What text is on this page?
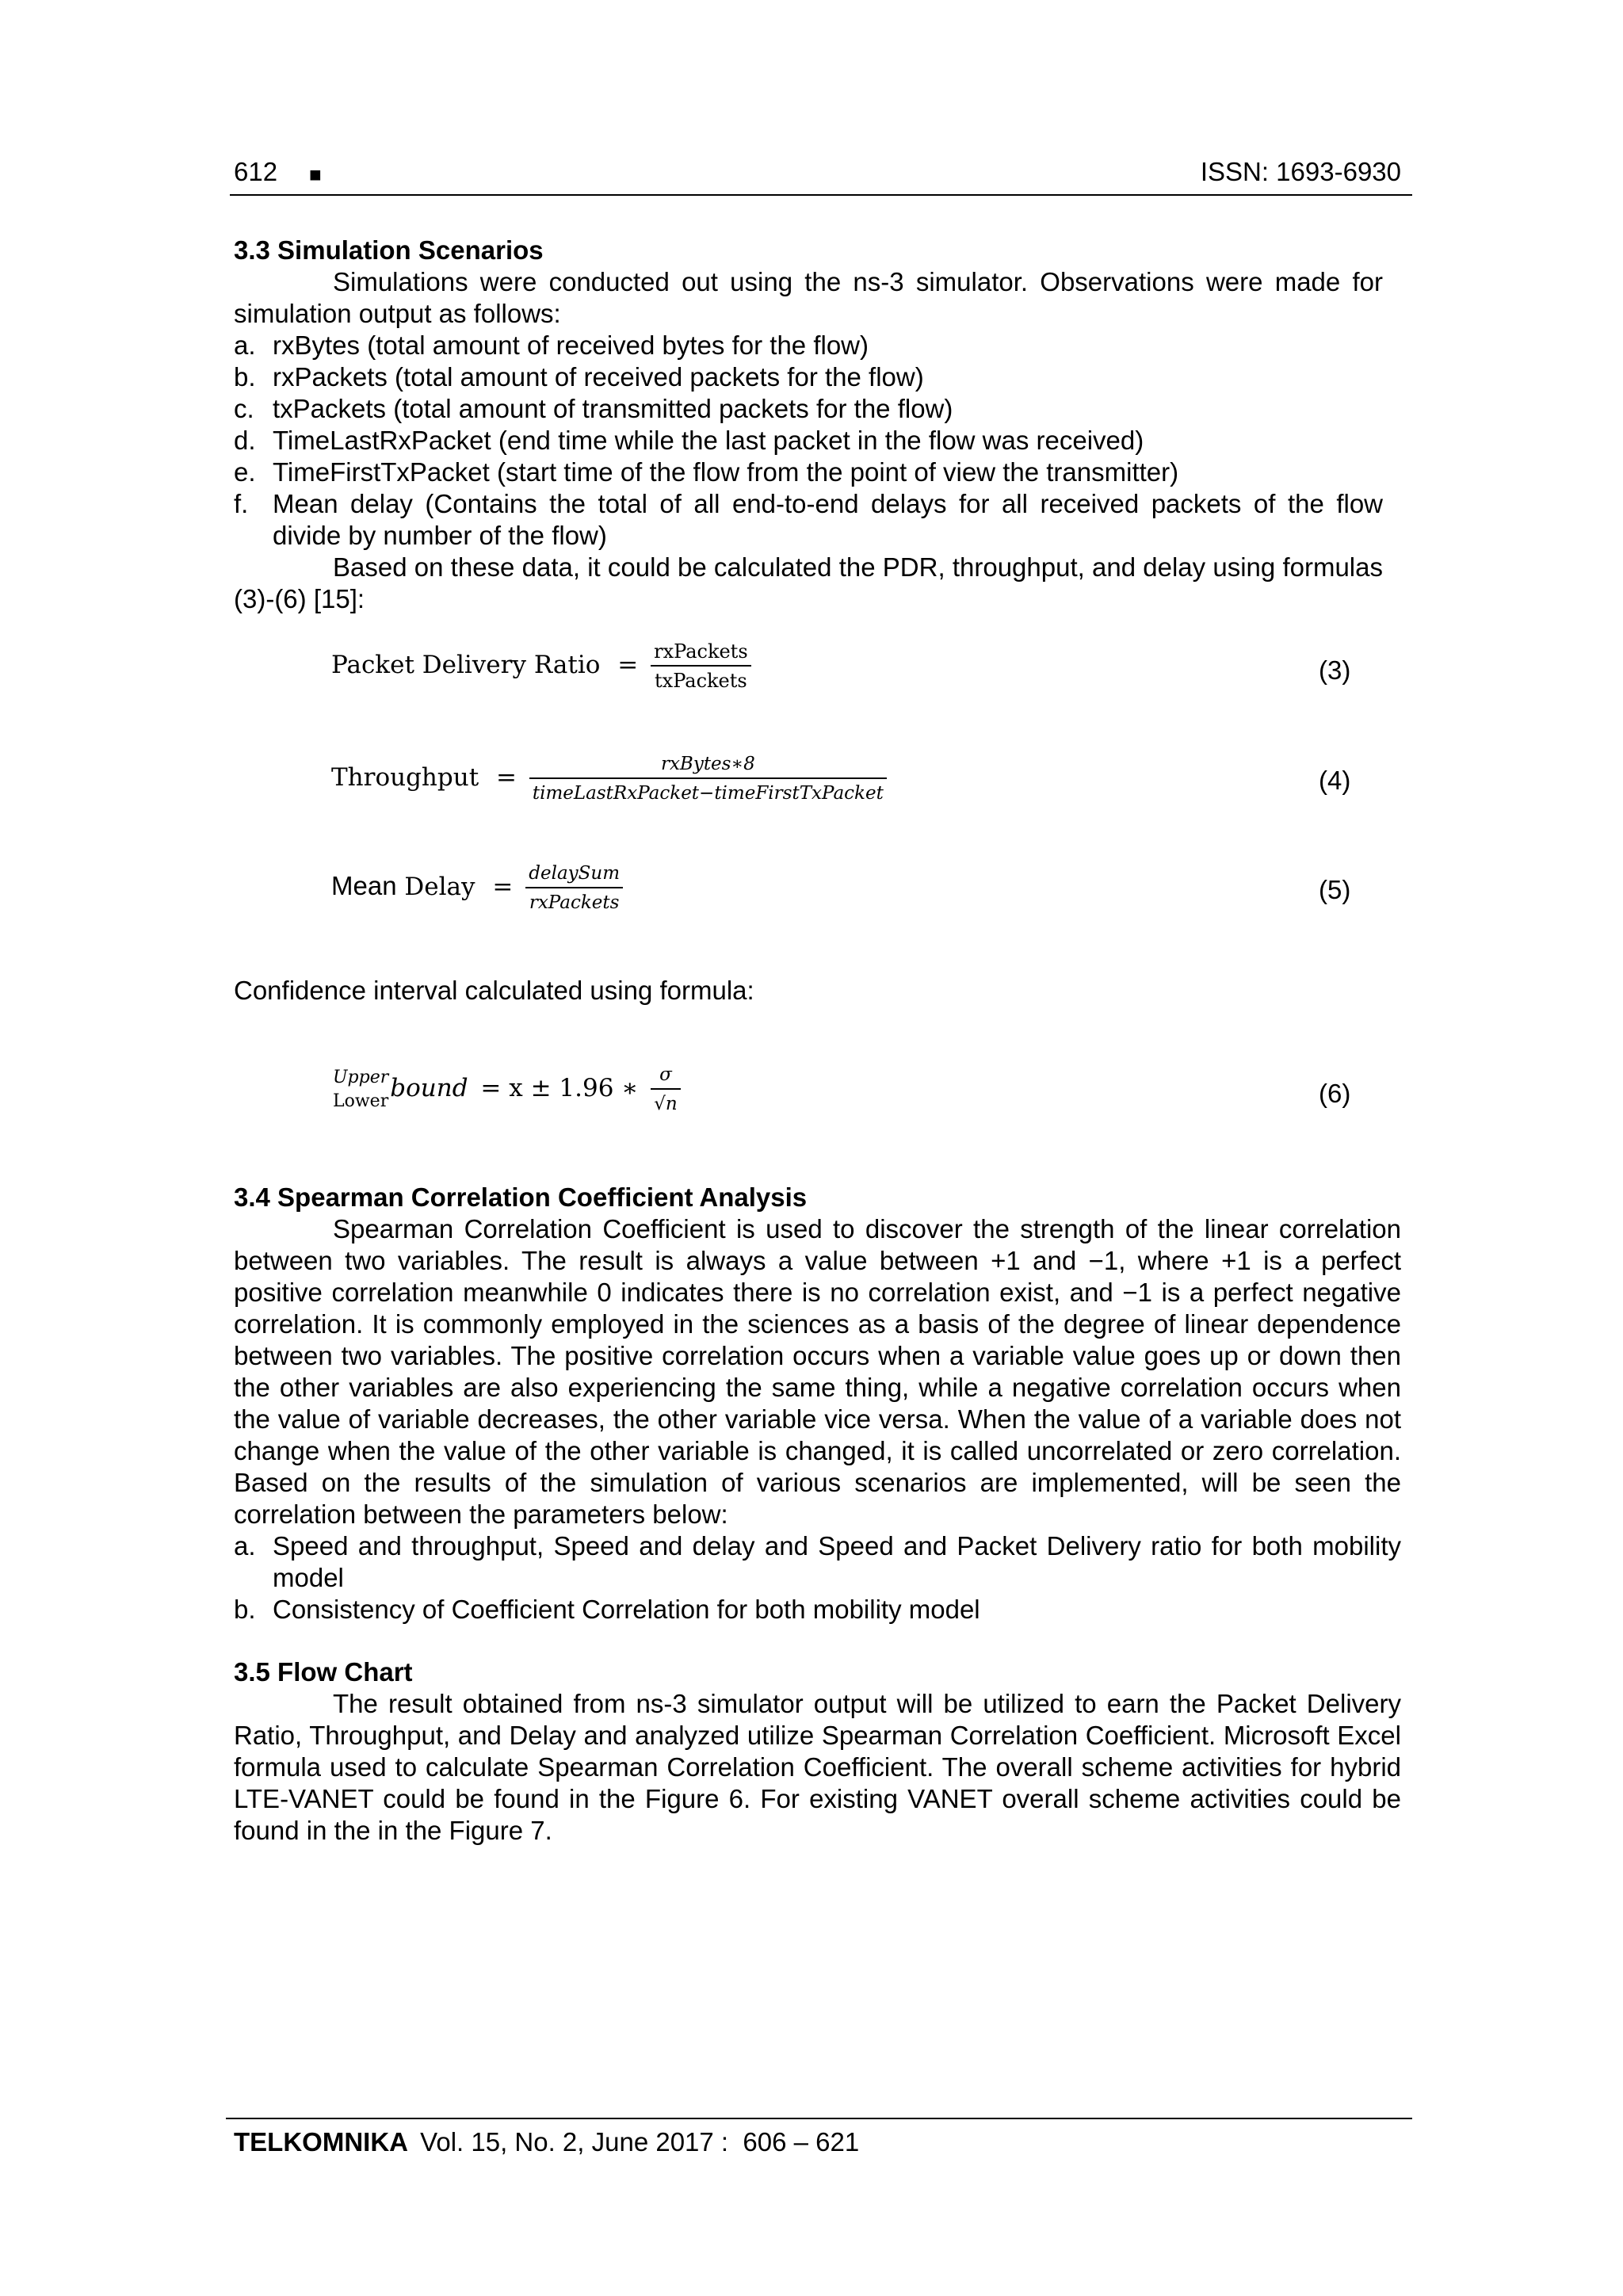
612 ■	ISSN: 1693-6930
3.3 Simulation Scenarios
Simulations were conducted out using the ns-3 simulator. Observations were made for simulation output as follows:
a. rxBytes (total amount of received bytes for the flow)
b. rxPackets (total amount of received packets for the flow)
c. txPackets (total amount of transmitted packets for the flow)
d. TimeLastRxPacket (end time while the last packet in the flow was received)
e. TimeFirstTxPacket (start time of the flow from the point of view the transmitter)
f. Mean delay (Contains the total of all end-to-end delays for all received packets of the flow divide by number of the flow)
Based on these data, it could be calculated the PDR, throughput, and delay using formulas (3)-(6) [15]:
Packet Delivery Ratio = $\frac{\text{rxPackets}}{\text{txPackets}}$	(3)
Throughput = $\frac{\text{rxBytes∗8}}{\text{timeLastRxPacket−timeFirstTxPacket}}$	(4)
Mean Delay = $\frac{\text{delaySum}}{\text{rxPackets}}$	(5)
Confidence interval calculated using formula:
Upper
Lower bound = x ± 1.96 ∗ $\frac{\sigma}{√n}$	(6)
3.4 Spearman Correlation Coefficient Analysis
Spearman Correlation Coefficient is used to discover the strength of the linear correlation between two variables. The result is always a value between +1 and −1, where +1 is a perfect positive correlation meanwhile 0 indicates there is no correlation exist, and −1 is a perfect negative correlation. It is commonly employed in the sciences as a basis of the degree of linear dependence between two variables. The positive correlation occurs when a variable value goes up or down then the other variables are also experiencing the same thing, while a negative correlation occurs when the value of variable decreases, the other variable vice versa. When the value of a variable does not change when the value of the other variable is changed, it is called uncorrelated or zero correlation. Based on the results of the simulation of various scenarios are implemented, will be seen the correlation between the parameters below:
a. Speed and throughput, Speed and delay and Speed and Packet Delivery ratio for both mobility model
b. Consistency of Coefficient Correlation for both mobility model
3.5 Flow Chart
The result obtained from ns-3 simulator output will be utilized to earn the Packet Delivery Ratio, Throughput, and Delay and analyzed utilize Spearman Correlation Coefficient. Microsoft Excel formula used to calculate Spearman Correlation Coefficient. The overall scheme activities for hybrid LTE-VANET could be found in the Figure 6. For existing VANET overall scheme activities could be found in the in the Figure 7.
TELKOMNIKA Vol. 15, No. 2, June 2017 :  606 – 621
